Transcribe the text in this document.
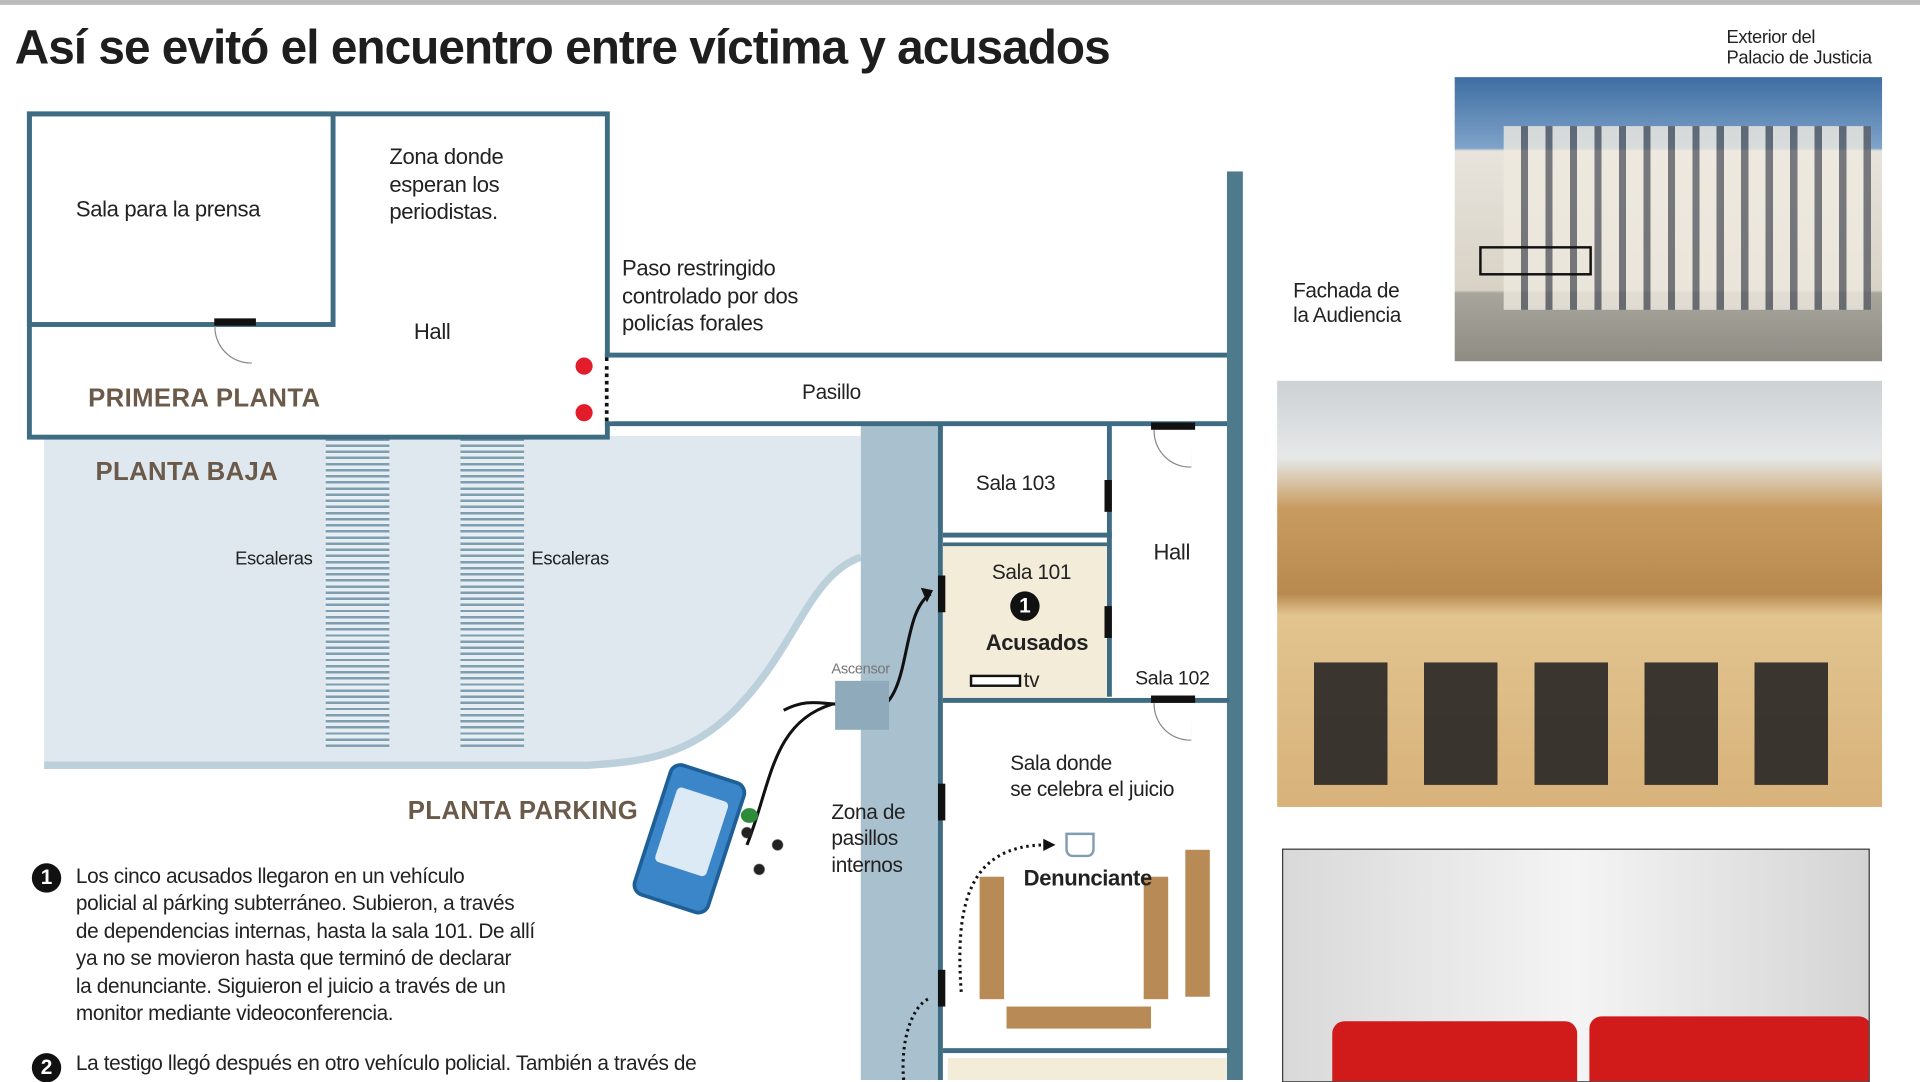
Así se evitó el encuentro entre víctima y acusados	Exterior del
Palacio de Justicia
Sala para la prensa
Zona donde
esperan los
periodistas.
Hall
Paso restringido
controlado por dos
policías forales
Pasillo
PRIMERA PLANTA
PLANTA BAJA
PLANTA PARKING
Escaleras	Escaleras
Sala 103
Sala 101
1
Acusados
tv
Hall
Sala 102
Ascensor
Zona de
pasillos
internos
Sala donde
se celebra el juicio
Denunciante
Fachada de
la Audiencia
1	Los cinco acusados llegaron en un vehículo
policial al párking subterráneo. Subieron, a través
de dependencias internas, hasta la sala 101. De allí
ya no se movieron hasta que terminó de declarar
la denunciante. Siguieron el juicio a través de un
monitor mediante videoconferencia.
2	La testigo llegó después en otro vehículo policial. También a través de
